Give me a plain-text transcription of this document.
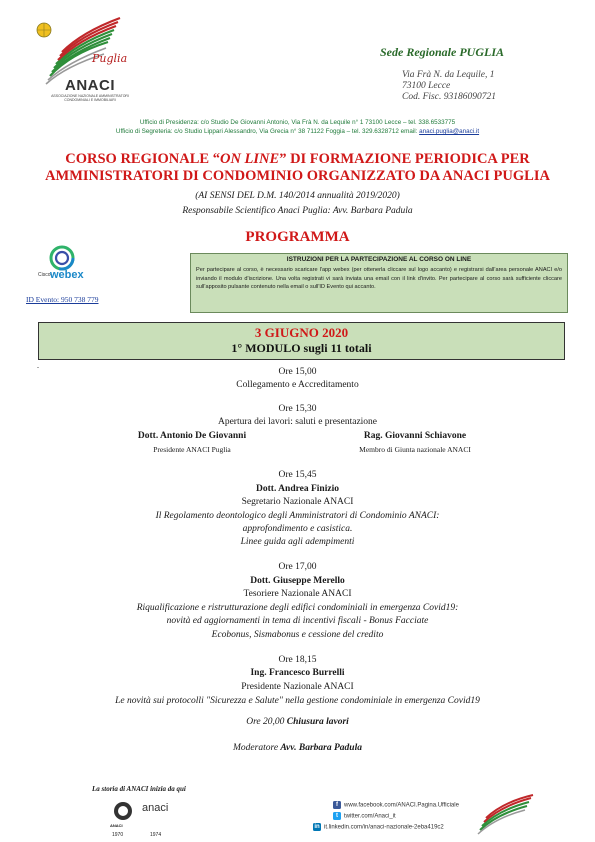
Puglia
ANACI
ASSOCIAZIONE NAZIONALE AMMINISTRATORI CONDOMINIALI E IMMOBILIARI
Sede Regionale PUGLIA
Via Frà N. da Lequile, 1
73100 Lecce
Cod. Fisc. 93186090721
Ufficio di Presidenza: c/o Studio De Giovanni Antonio, Via Frà N. da Lequile n° 1 73100 Lecce – tel. 338.6533775
Ufficio di Segreteria: c/o Studio Lippari Alessandro, Via Grecia n° 38 71122 Foggia – tel. 329.6328712 email: anaci.puglia@anaci.it
CORSO REGIONALE “ON LINE” DI FORMAZIONE PERIODICA PER
AMMINISTRATORI DI CONDOMINIO ORGANIZZATO DA ANACI PUGLIA
(AI SENSI DEL D.M. 140/2014 annualità 2019/2020)
Responsabile Scientifico Anaci Puglia: Avv. Barbara Padula
PROGRAMMA
Cisco webex
ID Evento: 950 738 779
ISTRUZIONI PER LA PARTECIPAZIONE AL CORSO ON LINE
Per partecipare al corso, è necessario scaricare l'app webex (per ottenerla cliccare sul logo accanto) e registrarsi dall'area personale ANACI e/o inviando il modulo d'iscrizione. Una volta registrati vi sarà inviata una email con il link d'invito. Per partecipare al corso sarà sufficiente cliccare sull'apposito pulsante contenuto nella email o sull'ID Evento qui accanto.
3 GIUGNO 2020
1° MODULO sugli 11 totali
.
Ore 15,00
Collegamento e Accreditamento
Ore 15,30
Apertura dei lavori: saluti e presentazione
Dott. Antonio De Giovanni
Presidente ANACI Puglia
Rag. Giovanni Schiavone
Membro di Giunta nazionale ANACI
Ore 15,45
Dott. Andrea Finizio
Segretario Nazionale ANACI
Il Regolamento deontologico degli Amministratori di Condominio ANACI:
approfondimento e casistica.
Linee guida agli adempimenti
Ore 17,00
Dott. Giuseppe Merello
Tesoriere Nazionale ANACI
Riqualificazione e ristrutturazione degli edifici condominiali in emergenza Covid19:
novità ed aggiornamenti in tema di incentivi fiscali - Bonus Facciate
Ecobonus, Sismabonus e cessione del credito
Ore 18,15
Ing. Francesco Burrelli
Presidente Nazionale ANACI
Le novità sui protocolli "Sicurezza e Salute" nella gestione condominiale in emergenza Covid19
Ore 20,00 Chiusura lavori
Moderatore Avv. Barbara Padula
La storia di ANACI inizia da qui
ANACI
1970
anaci
1974
f www.facebook.com/ANACI.Pagina.Ufficiale
t twitter.com/Anaci_it
in it.linkedin.com/in/anaci-nazionale-2eba419c2
